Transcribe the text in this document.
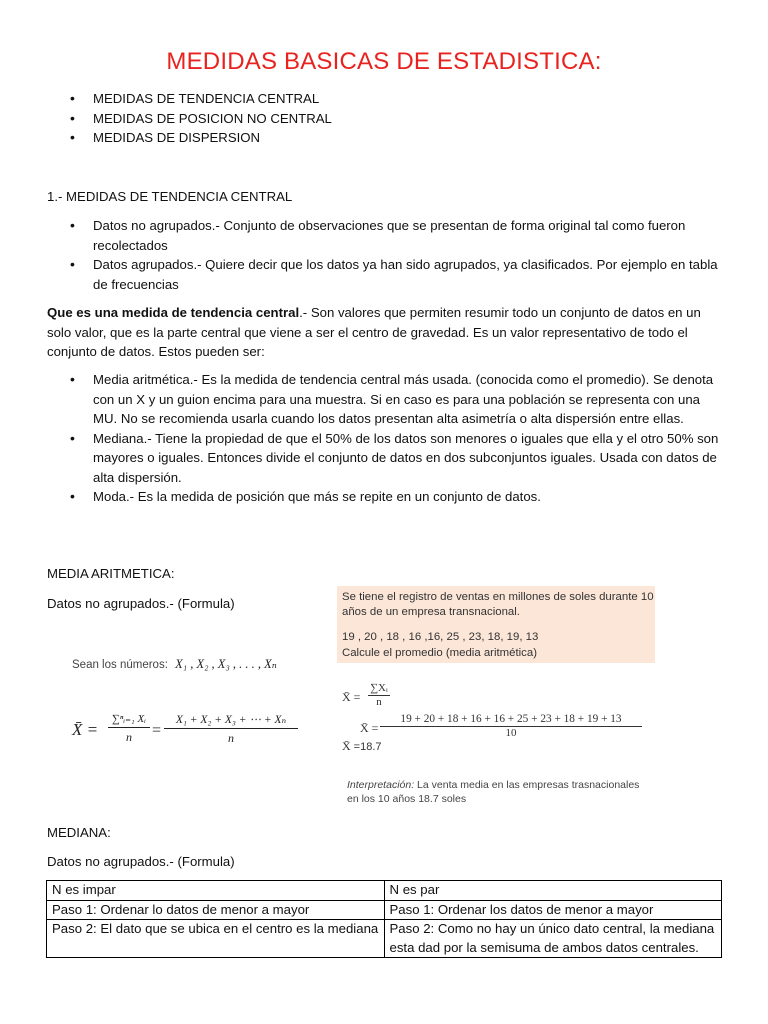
MEDIDAS BASICAS DE ESTADISTICA:
• MEDIDAS DE TENDENCIA CENTRAL
• MEDIDAS DE POSICION NO CENTRAL
• MEDIDAS DE DISPERSION
1.- MEDIDAS DE TENDENCIA CENTRAL
• Datos no agrupados.- Conjunto de observaciones que se presentan de forma original tal como fueron recolectados
• Datos agrupados.- Quiere decir que los datos ya han sido agrupados, ya clasificados. Por ejemplo en tabla de frecuencias
Que es una medida de tendencia central.- Son valores que permiten resumir todo un conjunto de datos en un solo valor, que es la parte central que viene a ser el centro de gravedad. Es un valor representativo de todo el conjunto de datos. Estos pueden ser:
• Media aritmética.- Es la medida de tendencia central más usada. (conocida como el promedio). Se denota con un X y un guion encima para una muestra. Si en caso es para una población se representa con una MU. No se recomienda usarla cuando los datos presentan alta asimetría o alta dispersión entre ellas.
• Mediana.- Tiene la propiedad de que el 50% de los datos son menores o iguales que ella y el otro 50% son mayores o iguales. Entonces divide el conjunto de datos en dos subconjuntos iguales. Usada con datos de alta dispersión.
• Moda.- Es la medida de posición que más se repite en un conjunto de datos.
MEDIA ARITMETICA:
Datos no agrupados.- (Formula)
Sean los números: X₁ , X₂ , X₃ , . . . , Xₙ
X̄ =
∑ⁿᵢ₌₁ Xᵢ
n	=
X₁ + X₂ + X₃ + ⋯ + Xₙ
n
Se tiene el registro de ventas en millones de soles durante 10 años de un empresa transnacional.
19 , 20 , 18 , 16 ,16, 25 , 23, 18, 19, 13
Calcule el promedio (media aritmética)
X̄ =
∑Xᵢ
n
X̄ =
19 + 20 + 18 + 16 + 16 + 25 + 23 + 18 + 19 + 13
10
X̄ =18.7
Interpretación: La venta media en las empresas trasnacionales en los 10 años 18.7 soles
MEDIANA:
Datos no agrupados.- (Formula)
N es impar	N es par
Paso 1: Ordenar lo datos de menor a mayor	Paso 1: Ordenar los datos de menor a mayor
Paso 2: El dato que se ubica en el centro es la mediana	Paso 2: Como no hay un único dato central, la mediana esta dad por la semisuma de ambos datos centrales.
